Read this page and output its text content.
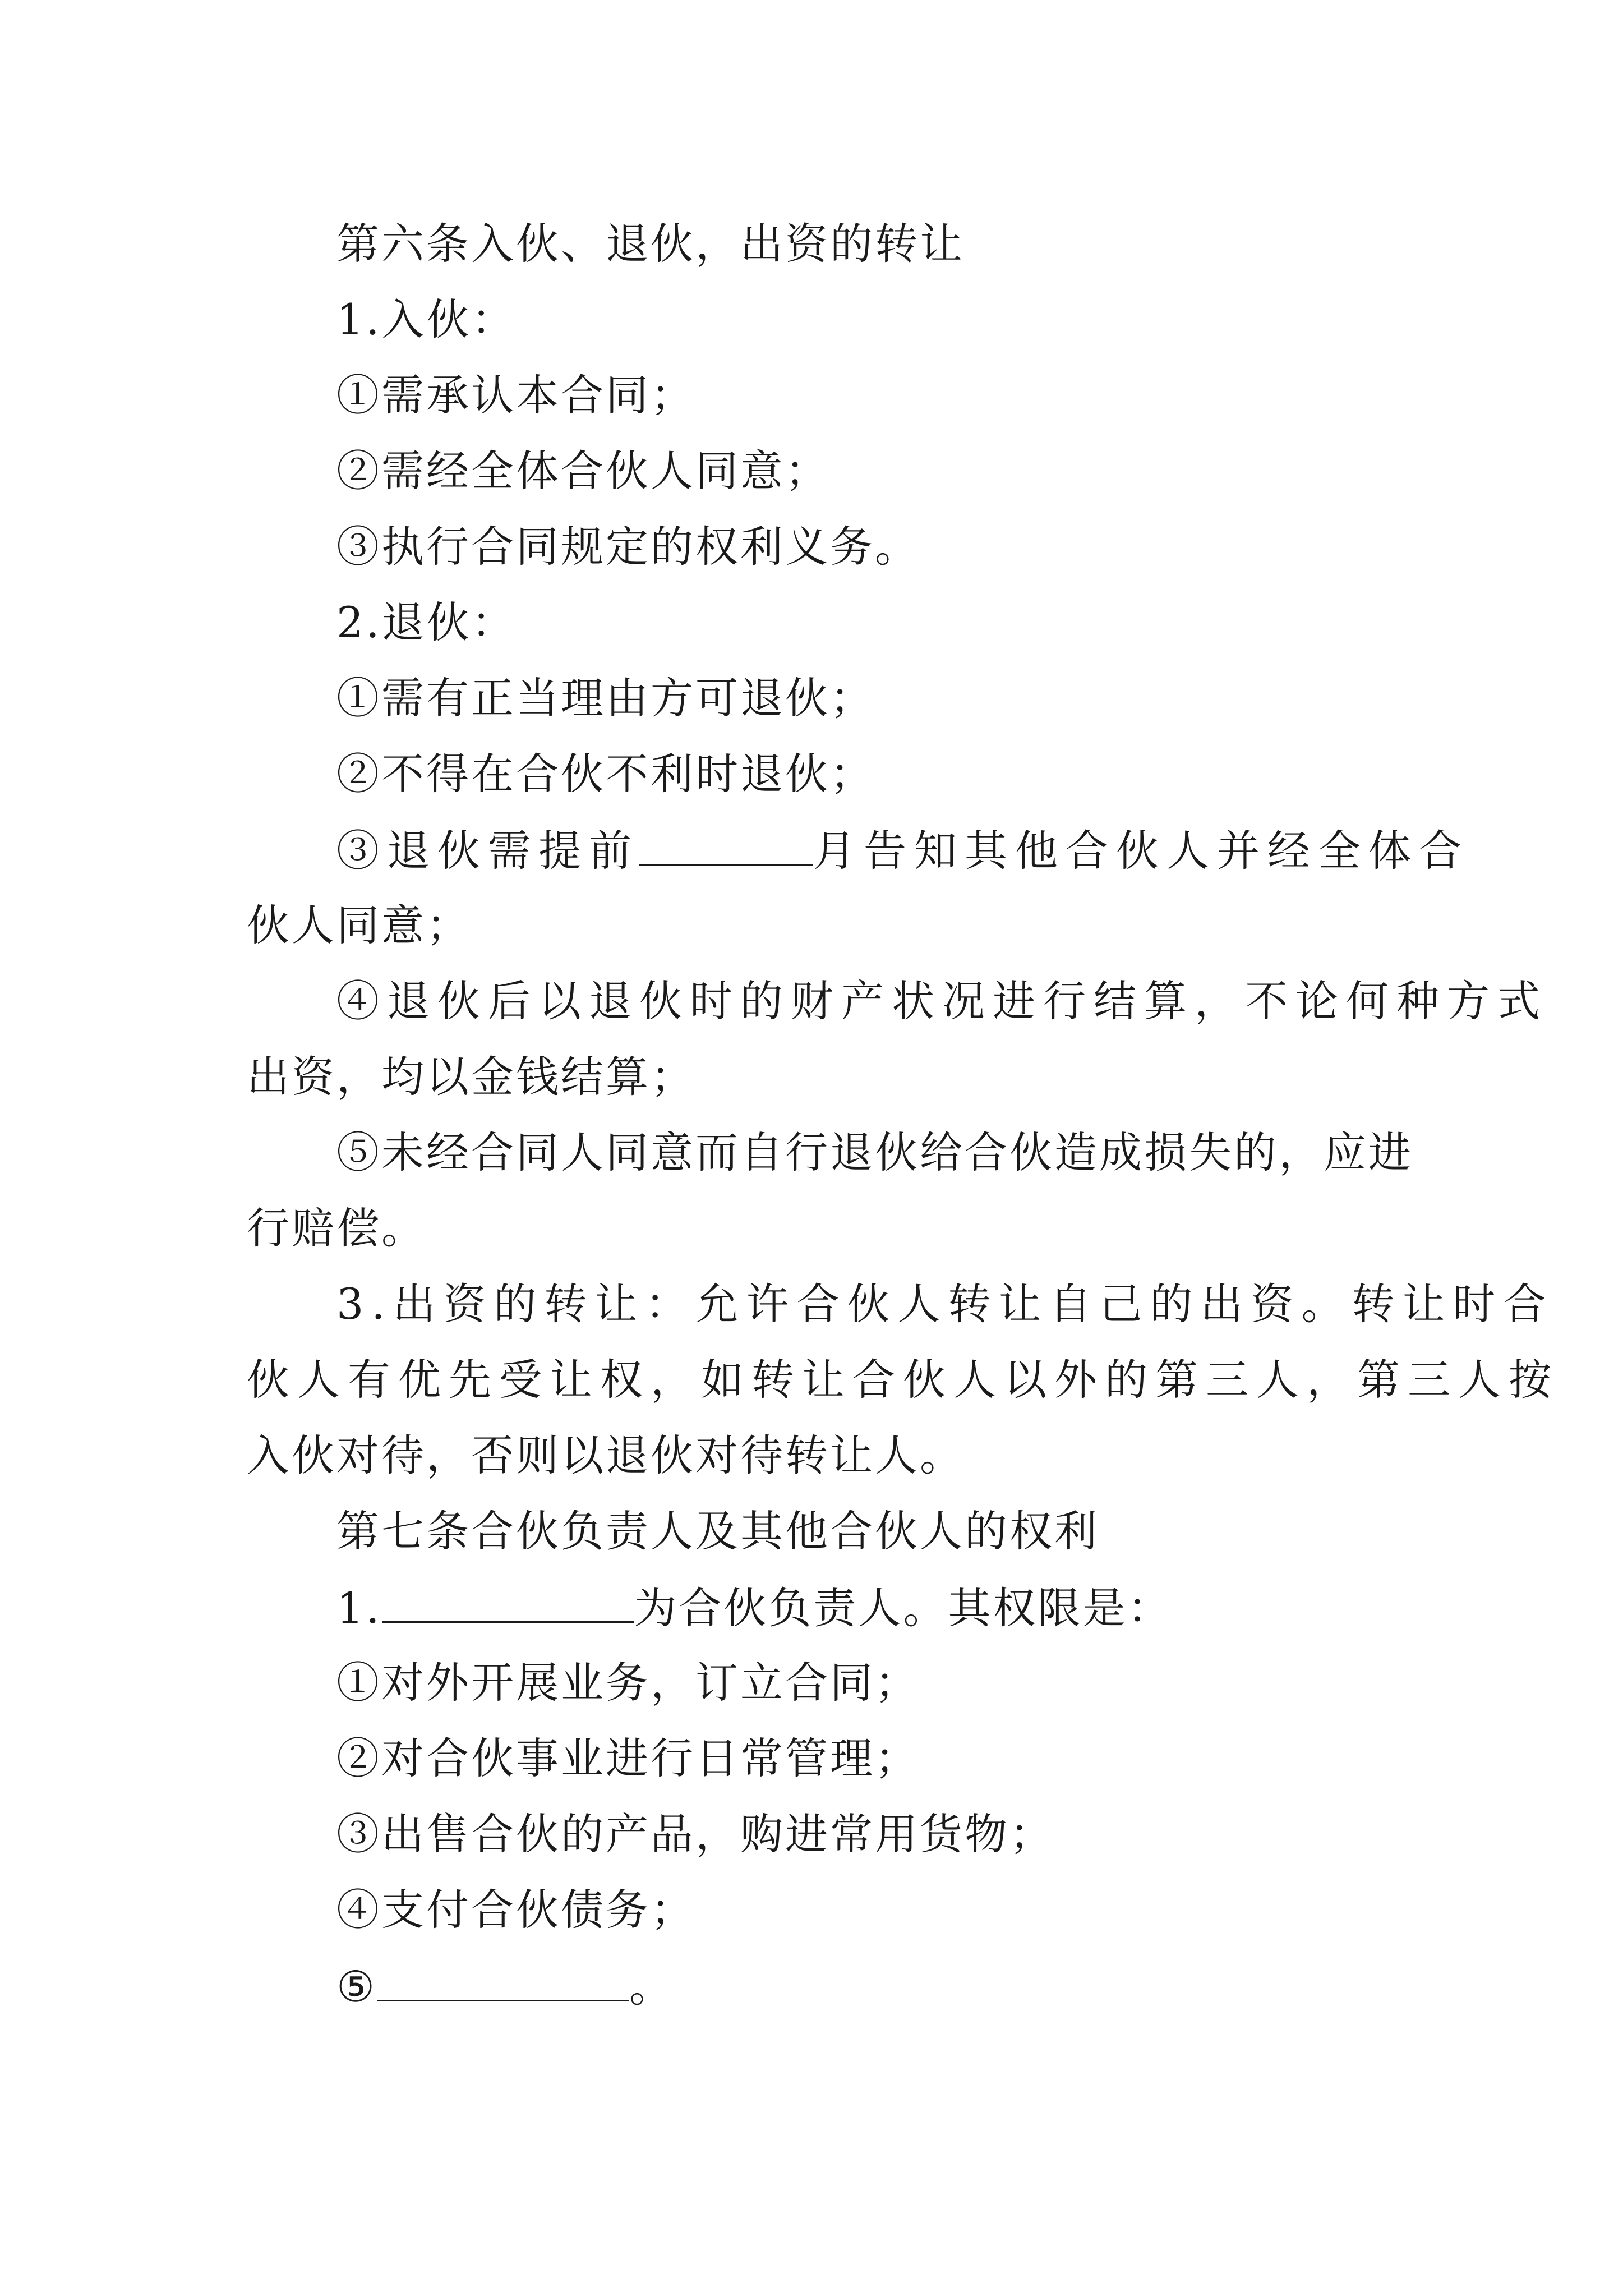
第六条入伙、退伙，出资的转让
1.入伙：
①需承认本合同；
②需经全体合伙人同意；
③执行合同规定的权利义务。
2.退伙：
①需有正当理由方可退伙；
②不得在合伙不利时退伙；
③退伙需提前	月告知其他合伙人并经全体合
伙人同意；
④退伙后以退伙时的财产状况进行结算，不论何种方式
出资，均以金钱结算；
⑤未经合同人同意而自行退伙给合伙造成损失的，应进
行赔偿。
3.出资的转让：允许合伙人转让自己的出资。转让时合
伙人有优先受让权，如转让合伙人以外的第三人，第三人按
入伙对待，否则以退伙对待转让人。
第七条合伙负责人及其他合伙人的权利
1.	为合伙负责人。其权限是：
①对外开展业务，订立合同；
②对合伙事业进行日常管理；
③出售合伙的产品，购进常用货物；
④支付合伙债务；
⑤	。
